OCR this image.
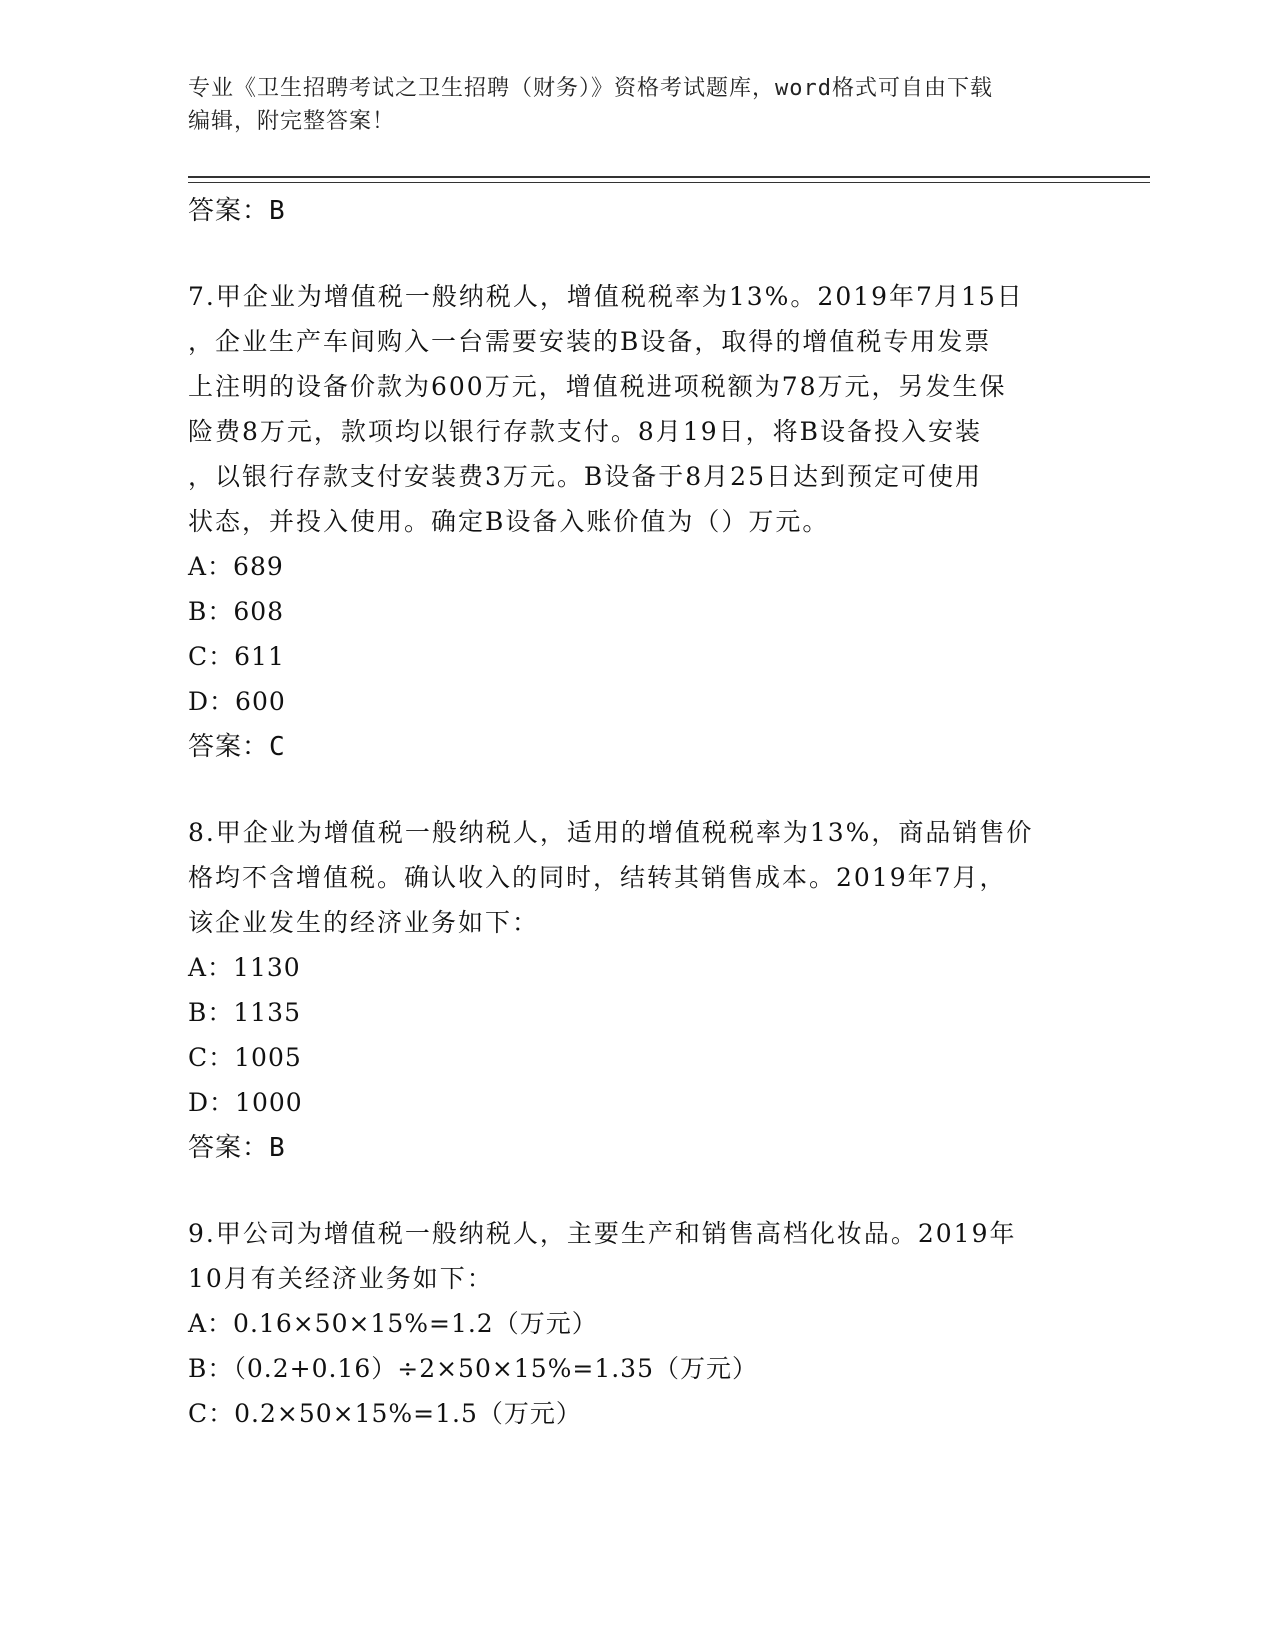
专业《卫生招聘考试之卫生招聘（财务）》资格考试题库，word格式可自由下载
编辑，附完整答案！
答案：B
7.甲企业为增值税一般纳税人，增值税税率为13%。2019年7月15日
，企业生产车间购入一台需要安装的B设备，取得的增值税专用发票
上注明的设备价款为600万元，增值税进项税额为78万元，另发生保
险费8万元，款项均以银行存款支付。8月19日，将B设备投入安装
，以银行存款支付安装费3万元。B设备于8月25日达到预定可使用
状态，并投入使用。确定B设备入账价值为（）万元。
A：689
B：608
C：611
D：600
答案：C
8.甲企业为增值税一般纳税人，适用的增值税税率为13%，商品销售价
格均不含增值税。确认收入的同时，结转其销售成本。2019年7月，
该企业发生的经济业务如下：
A：1130
B：1135
C：1005
D：1000
答案：B
9.甲公司为增值税一般纳税人，主要生产和销售高档化妆品。2019年
10月有关经济业务如下：
A：0.16×50×15%=1.2（万元）
B：（0.2+0.16）÷2×50×15%=1.35（万元）
C：0.2×50×15%=1.5（万元）
